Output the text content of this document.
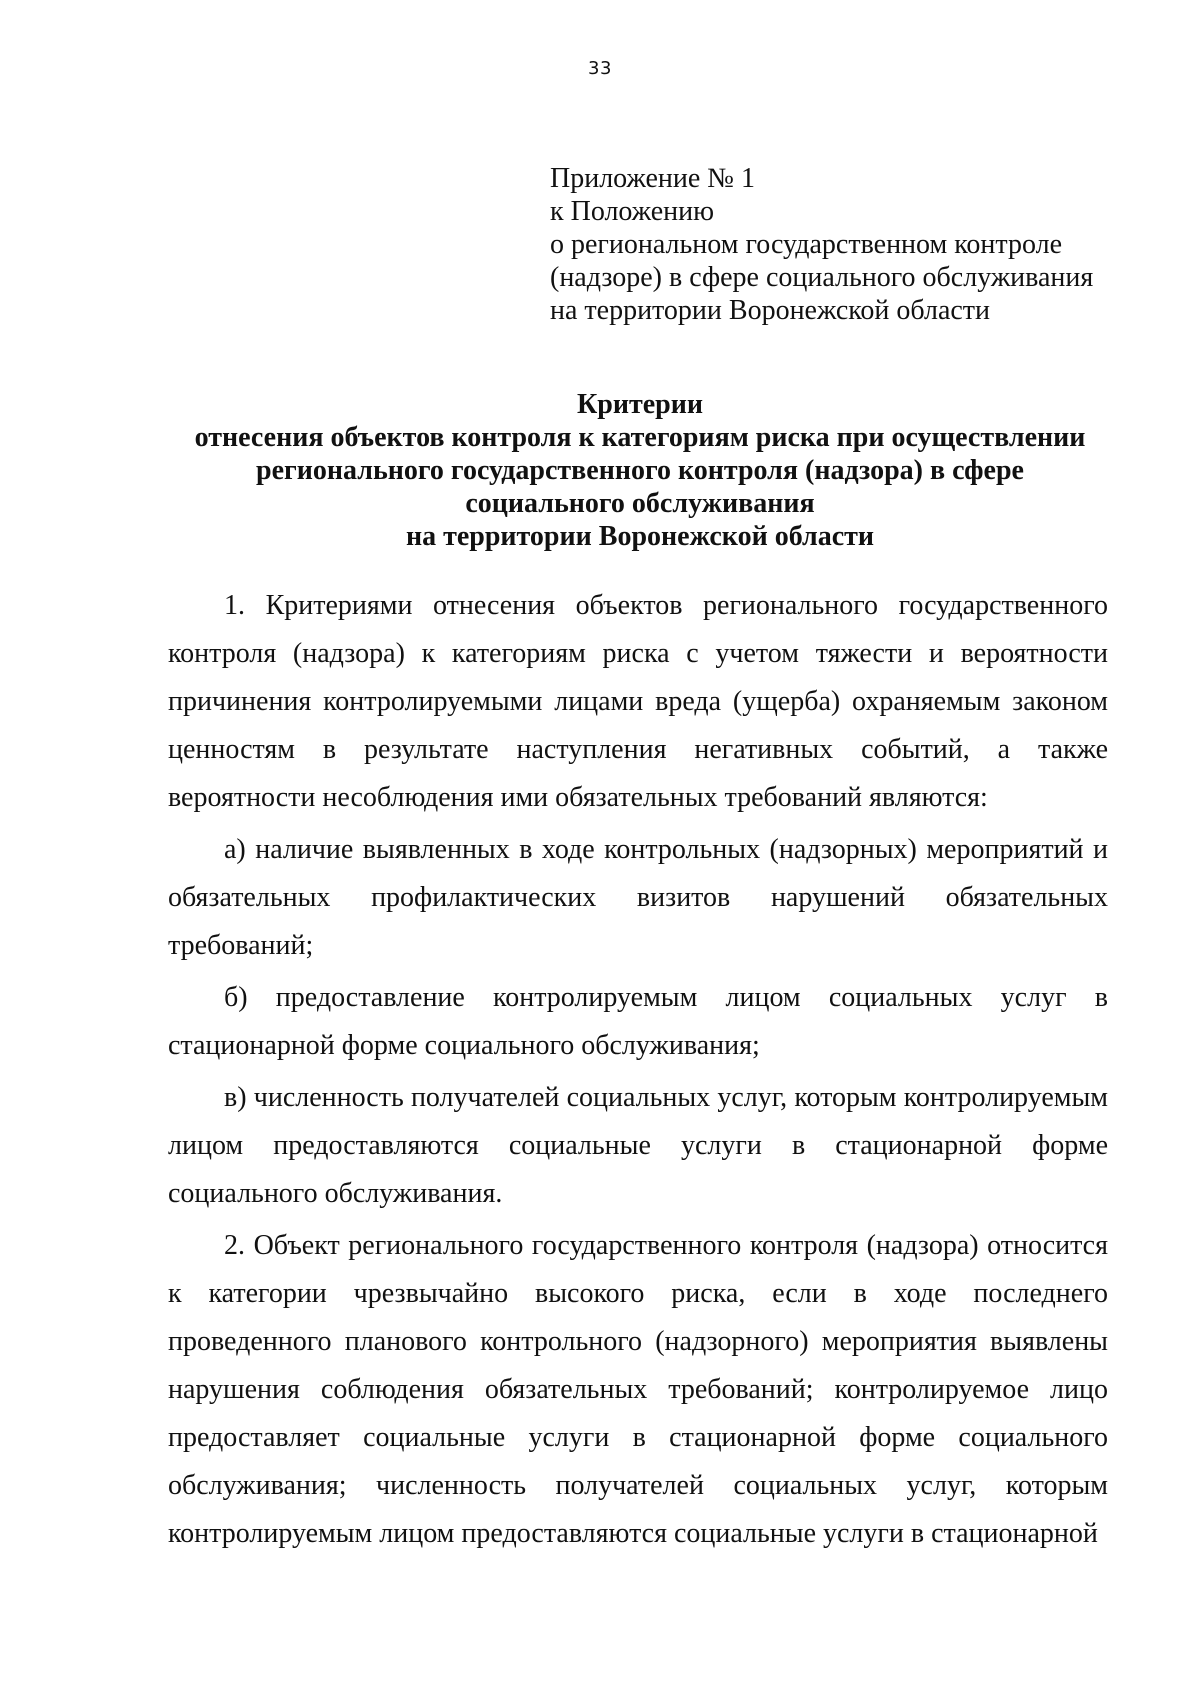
33
Приложение № 1
к Положению
о региональном государственном контроле
(надзоре) в сфере социального обслуживания
на территории Воронежской области
Критерии
отнесения объектов контроля к категориям риска при осуществлении
регионального государственного контроля (надзора) в сфере
социального обслуживания
на территории Воронежской области

1. Критериями отнесения объектов регионального государственного контроля (надзора) к категориям риска с учетом тяжести и вероятности причинения контролируемыми лицами вреда (ущерба) охраняемым законом ценностям в результате наступления негативных событий, а также вероятности несоблюдения ими обязательных требований являются:

а) наличие выявленных в ходе контрольных (надзорных) мероприятий и обязательных профилактических визитов нарушений обязательных требований;

б) предоставление контролируемым лицом социальных услуг в стационарной форме социального обслуживания;

в) численность получателей социальных услуг, которым контролируемым лицом предоставляются социальные услуги в стационарной форме социального обслуживания.

2. Объект регионального государственного контроля (надзора) относится к категории чрезвычайно высокого риска, если в ходе последнего проведенного планового контрольного (надзорного) мероприятия выявлены нарушения соблюдения обязательных требований; контролируемое лицо предоставляет социальные услуги в стационарной форме социального обслуживания; численность получателей социальных услуг, которым контролируемым лицом предоставляются социальные услуги в стационарной
